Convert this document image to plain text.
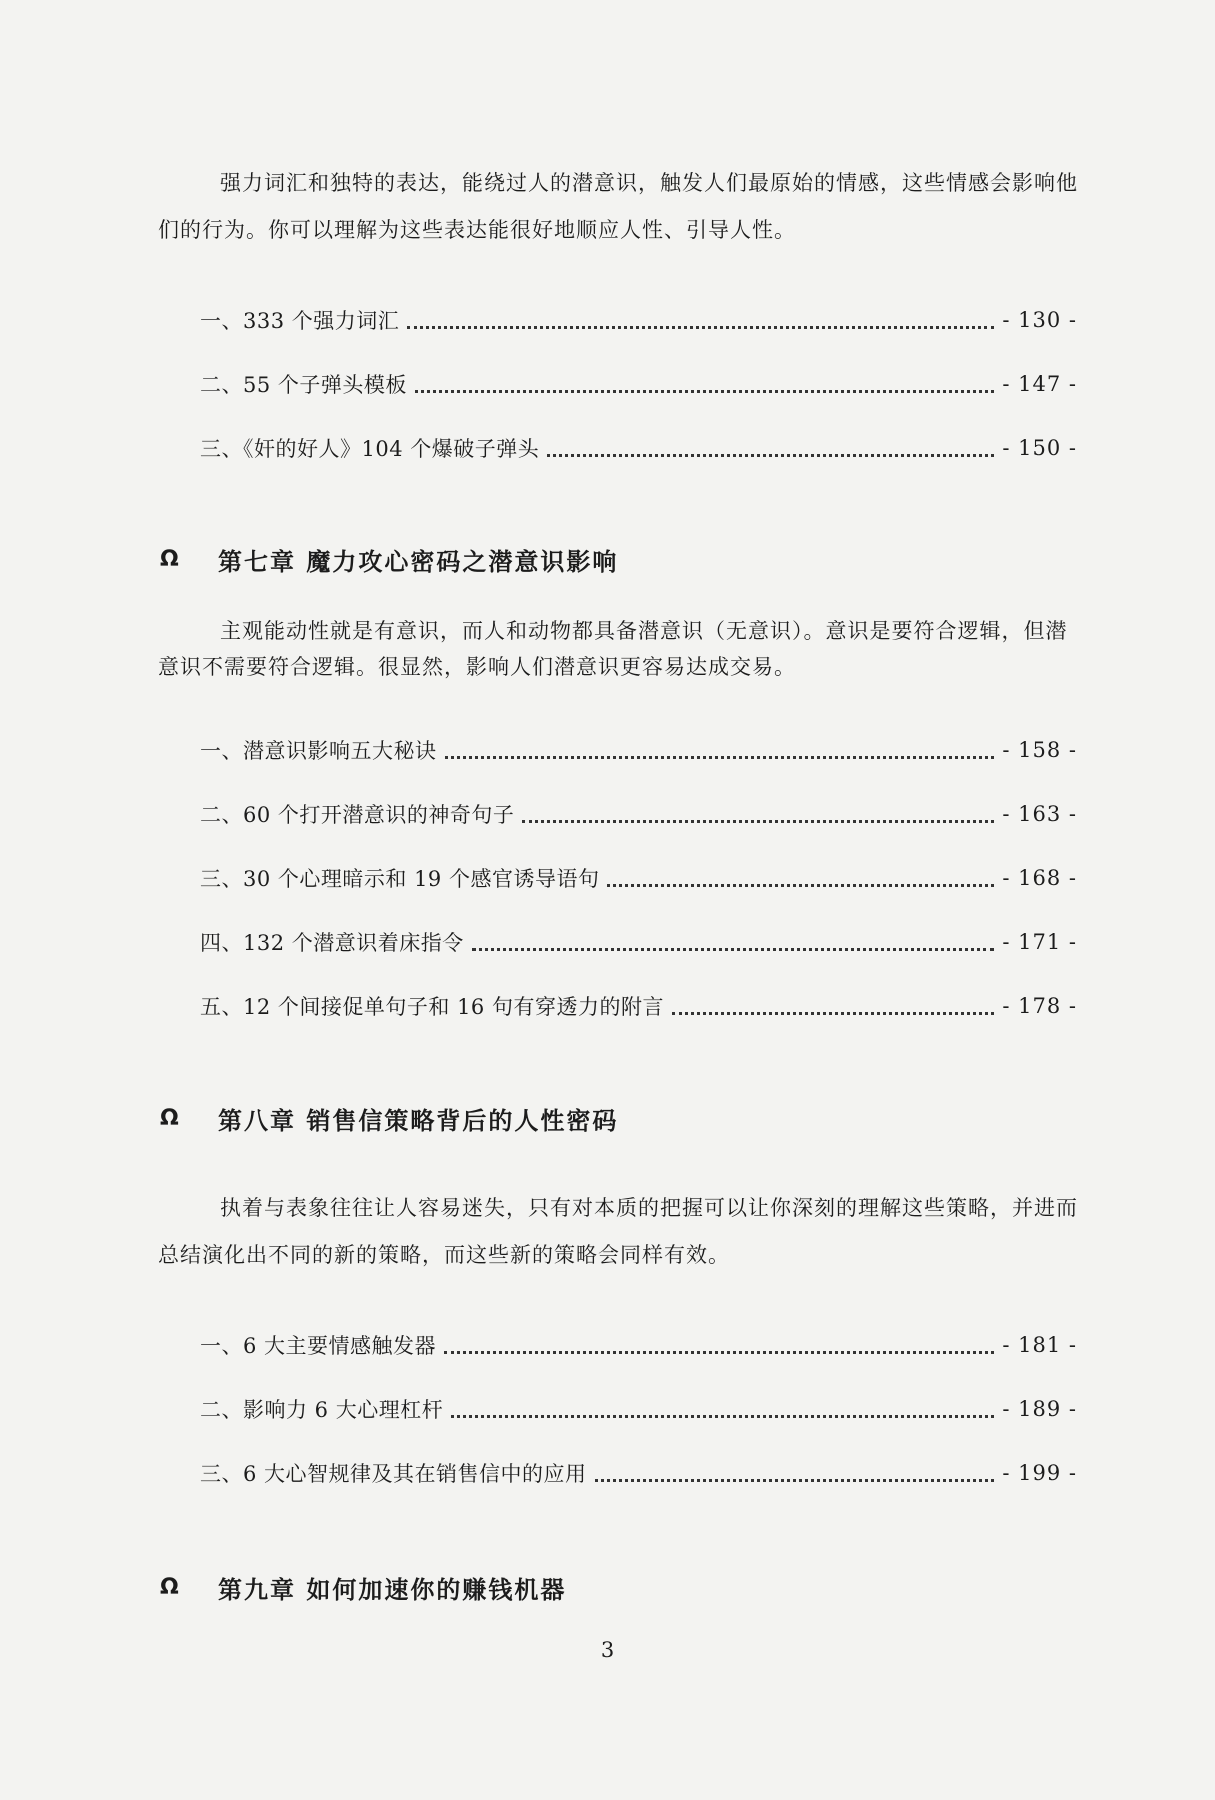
强力词汇和独特的表达，能绕过人的潜意识，触发人们最原始的情感，这些情感会影响他们的行为。你可以理解为这些表达能很好地顺应人性、引导人性。

一、333 个强力词汇	- 130 -
二、55 个子弹头模板	- 147 -
三、《奸的好人》104 个爆破子弹头	- 150 -
Ω	第七章 魔力攻心密码之潜意识影响

主观能动性就是有意识，而人和动物都具备潜意识（无意识）。意识是要符合逻辑，但潜意识不需要符合逻辑。很显然，影响人们潜意识更容易达成交易。

一、潜意识影响五大秘诀	- 158 -
二、60 个打开潜意识的神奇句子	- 163 -
三、30 个心理暗示和 19 个感官诱导语句	- 168 -
四、132 个潜意识着床指令	- 171 -
五、12 个间接促单句子和 16 句有穿透力的附言	- 178 -
Ω	第八章 销售信策略背后的人性密码

执着与表象往往让人容易迷失，只有对本质的把握可以让你深刻的理解这些策略，并进而总结演化出不同的新的策略，而这些新的策略会同样有效。

一、6 大主要情感触发器	- 181 -
二、影响力 6 大心理杠杆	- 189 -
三、6 大心智规律及其在销售信中的应用	- 199 -
Ω	第九章 如何加速你的赚钱机器
3
